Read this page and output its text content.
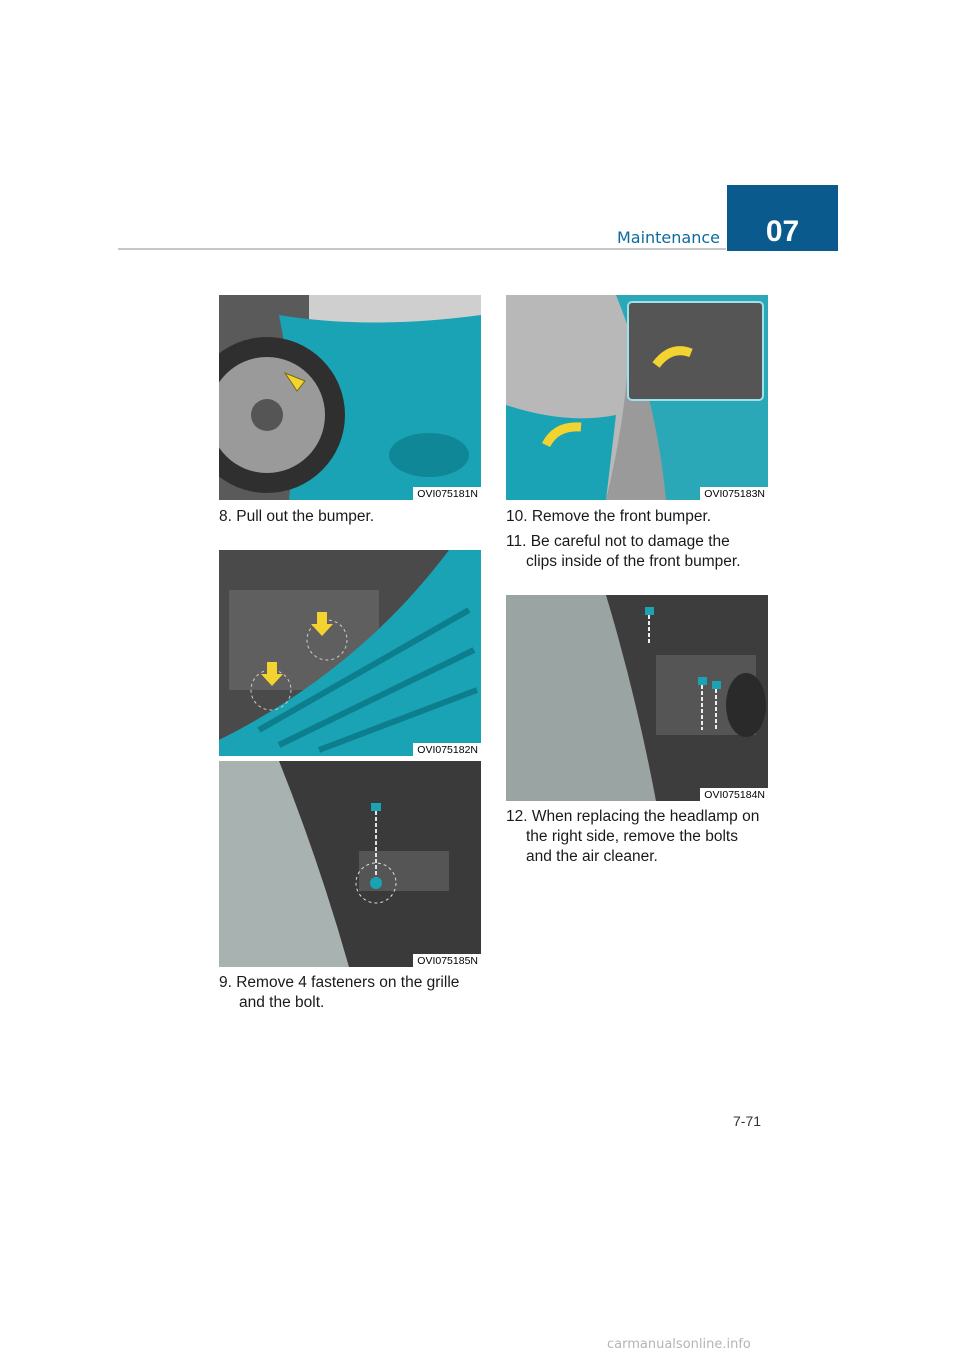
Maintenance	07
OVI075181N
8. Pull out the bumper.
OVI075182N
OVI075185N
9. Remove 4 fasteners on the grille
and the bolt.
OVI075183N
10. Remove the front bumper.
11. Be careful not to damage the
clips inside of the front bumper.
OVI075184N
12. When replacing the headlamp on
the right side, remove the bolts
and the air cleaner.
7-71
carmanualsonline.info
